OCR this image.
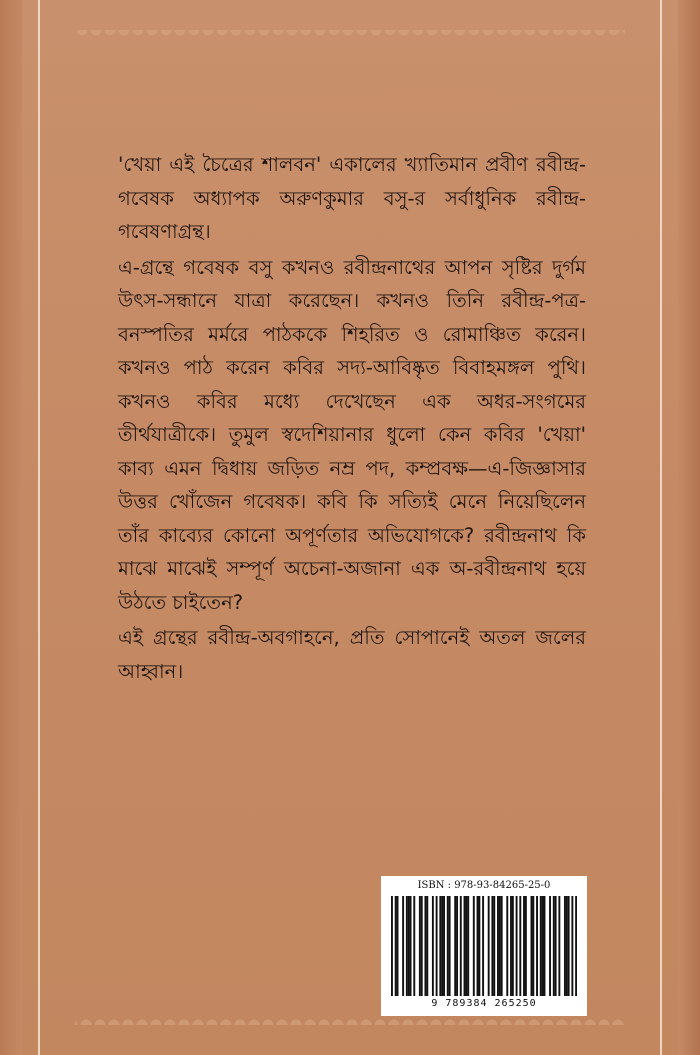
'খেয়া এই চৈত্রের শালবন' একালের খ্যাতিমান প্রবীণ রবীন্দ্র-গবেষক অধ্যাপক অরুণকুমার বসু-র সর্বাধুনিক রবীন্দ্র-গবেষণাগ্রন্থ।

এ-গ্রন্থে গবেষক বসু কখনও রবীন্দ্রনাথের আপন সৃষ্টির দুর্গম উৎস-সন্ধানে যাত্রা করেছেন। কখনও তিনি রবীন্দ্র-পত্র-বনস্পতির মর্মরে পাঠককে শিহরিত ও রোমাঞ্চিত করেন। কখনও পাঠ করেন কবির সদ্য-আবিষ্কৃত বিবাহমঙ্গল পুথি। কখনও কবির মধ্যে দেখেছেন এক অধর-সংগমের তীর্থযাত্রীকে। তুমুল স্বদেশিয়ানার ধুলো কেন কবির 'খেয়া' কাব্য এমন দ্বিধায় জড়িত নম্র পদ, কম্প্রবক্ষ—এ-জিজ্ঞাসার উত্তর খোঁজেন গবেষক। কবি কি সত্যিই মেনে নিয়েছিলেন তাঁর কাব্যের কোনো অপূর্ণতার অভিযোগকে? রবীন্দ্রনাথ কি মাঝে মাঝেই সম্পূর্ণ অচেনা-অজানা এক অ-রবীন্দ্রনাথ হয়ে উঠতে চাইতেন?

এই গ্রন্থের রবীন্দ্র-অবগাহনে, প্রতি সোপানেই অতল জলের আহ্বান।

ISBN : 978-93-84265-25-0
9 789384 265250
